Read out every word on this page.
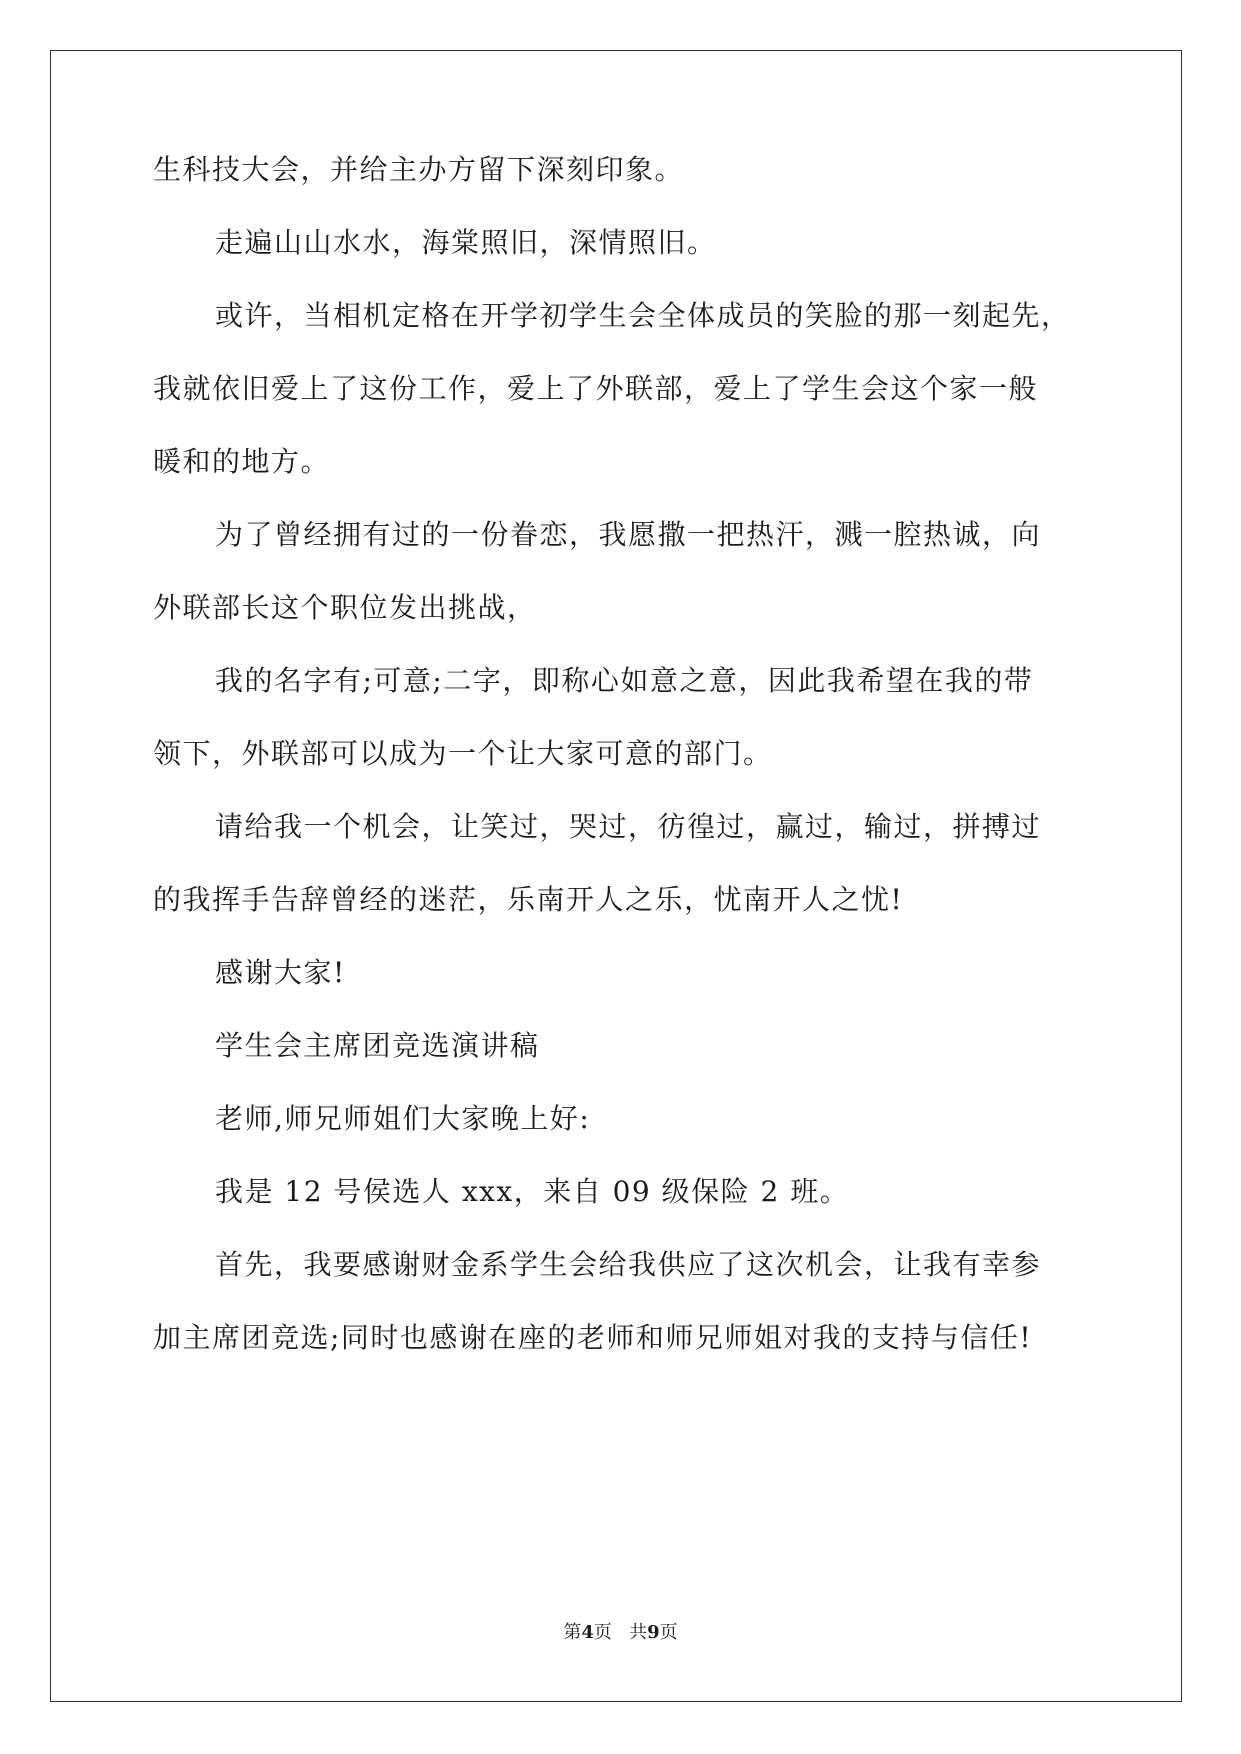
生科技大会，并给主办方留下深刻印象。
走遍山山水水，海棠照旧，深情照旧。
或许，当相机定格在开学初学生会全体成员的笑脸的那一刻起先，
我就依旧爱上了这份工作，爱上了外联部，爱上了学生会这个家一般
暖和的地方。
为了曾经拥有过的一份眷恋，我愿撒一把热汗，溅一腔热诚，向
外联部长这个职位发出挑战，
我的名字有;可意;二字，即称心如意之意，因此我希望在我的带
领下，外联部可以成为一个让大家可意的部门。
请给我一个机会，让笑过，哭过，彷徨过，赢过，输过，拼搏过
的我挥手告辞曾经的迷茫，乐南开人之乐，忧南开人之忧!
感谢大家!
学生会主席团竞选演讲稿
老师,师兄师姐们大家晚上好:
我是 12 号侯选人 xxx，来自 09 级保险 2 班。
首先，我要感谢财金系学生会给我供应了这次机会，让我有幸参
加主席团竞选;同时也感谢在座的老师和师兄师姐对我的支持与信任!
第4页   共9页
